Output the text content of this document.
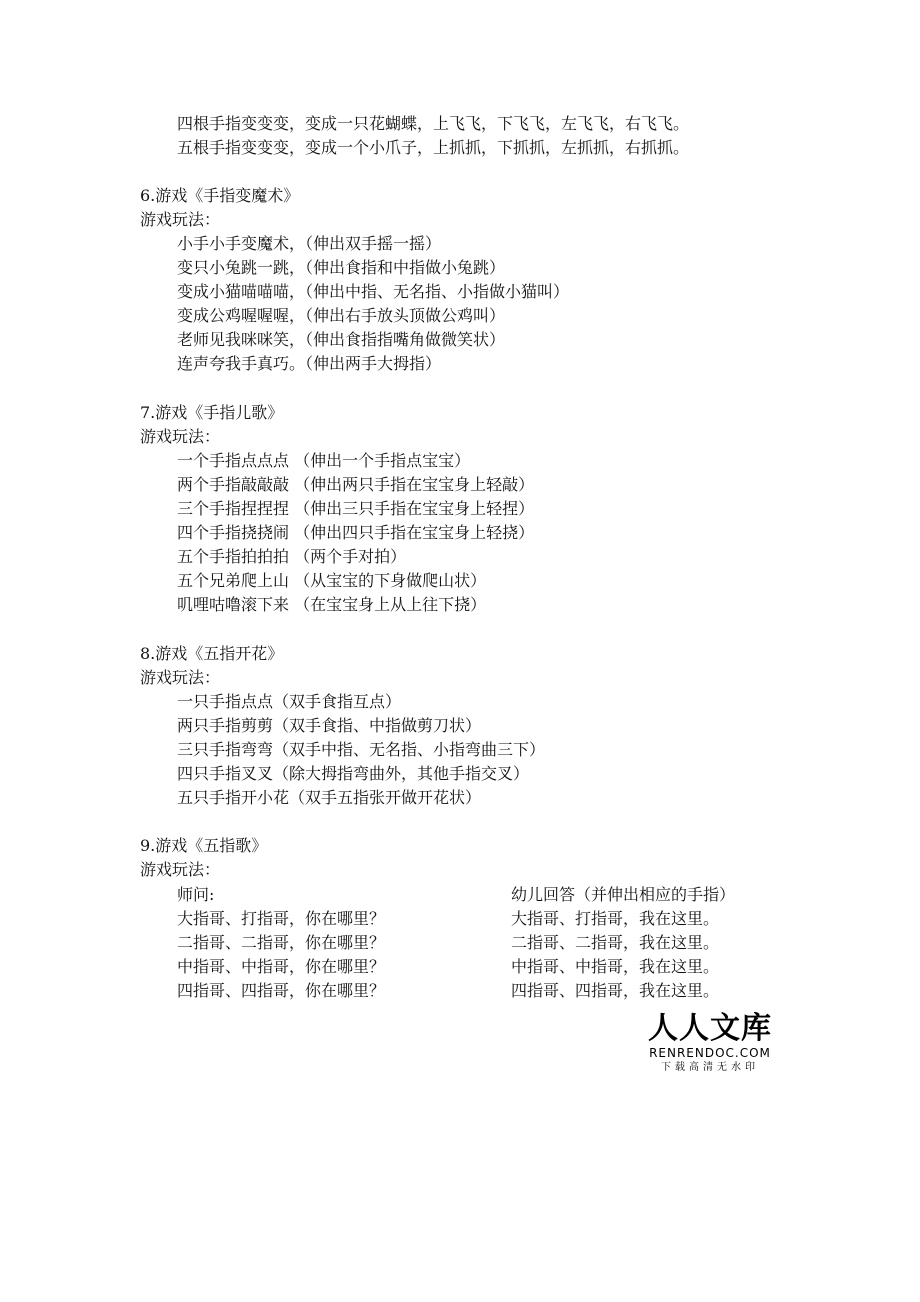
四根手指变变变，变成一只花蝴蝶，上飞飞，下飞飞，左飞飞，右飞飞。
五根手指变变变，变成一个小爪子，上抓抓，下抓抓，左抓抓，右抓抓。
6.游戏《手指变魔术》
游戏玩法：
小手小手变魔术，（伸出双手摇一摇）
变只小兔跳一跳，（伸出食指和中指做小兔跳）
变成小猫喵喵喵，（伸出中指、无名指、小指做小猫叫）
变成公鸡喔喔喔，（伸出右手放头顶做公鸡叫）
老师见我咪咪笑，（伸出食指指嘴角做微笑状）
连声夸我手真巧。（伸出两手大拇指）
7.游戏《手指儿歌》
游戏玩法：
一个手指点点点 （伸出一个手指点宝宝）
两个手指敲敲敲 （伸出两只手指在宝宝身上轻敲）
三个手指捏捏捏 （伸出三只手指在宝宝身上轻捏）
四个手指挠挠闹 （伸出四只手指在宝宝身上轻挠）
五个手指拍拍拍 （两个手对拍）
五个兄弟爬上山 （从宝宝的下身做爬山状）
叽哩咕噜滚下来 （在宝宝身上从上往下挠）
8.游戏《五指开花》
游戏玩法：
一只手指点点（双手食指互点）
两只手指剪剪（双手食指、中指做剪刀状）
三只手指弯弯（双手中指、无名指、小指弯曲三下）
四只手指叉叉（除大拇指弯曲外，其他手指交叉）
五只手指开小花（双手五指张开做开花状）
9.游戏《五指歌》
游戏玩法：
师问:	幼儿回答（并伸出相应的手指）
大指哥、打指哥，你在哪里？	大指哥、打指哥，我在这里。
二指哥、二指哥，你在哪里？	二指哥、二指哥，我在这里。
中指哥、中指哥，你在哪里？	中指哥、中指哥，我在这里。
四指哥、四指哥，你在哪里？	四指哥、四指哥，我在这里。
人人文库
RENRENDOC.COM
下载高清无水印
